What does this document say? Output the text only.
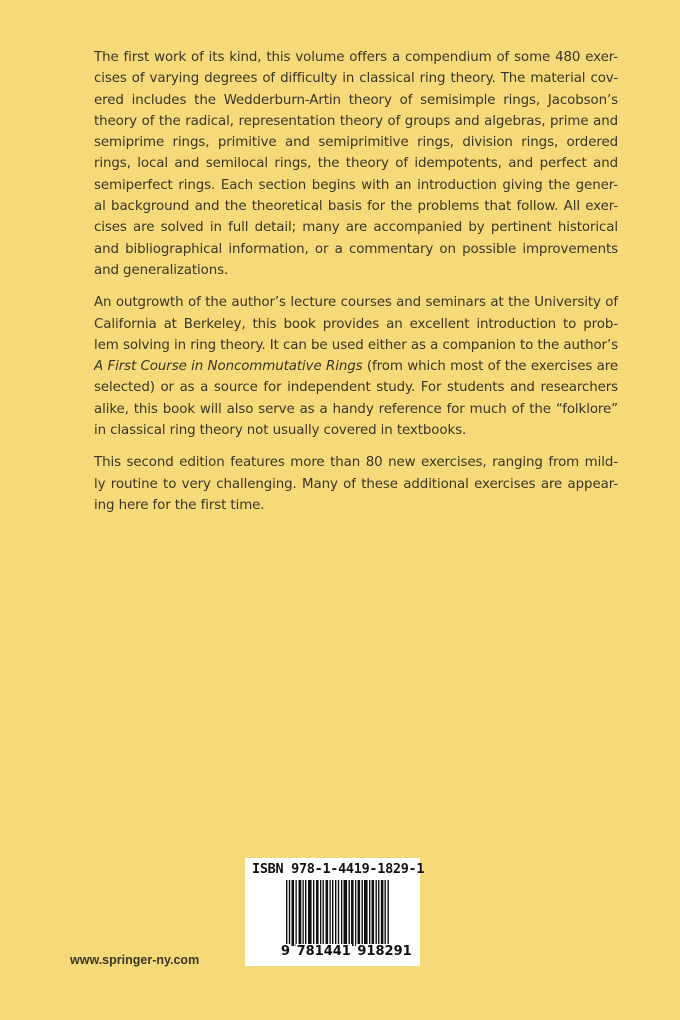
The first work of its kind, this volume offers a compendium of some 480 exer-
cises of varying degrees of difficulty in classical ring theory. The material cov-
ered includes the Wedderburn-Artin theory of semisimple rings, Jacobson’s
theory of the radical, representation theory of groups and algebras, prime and
semiprime rings, primitive and semiprimitive rings, division rings, ordered
rings, local and semilocal rings, the theory of idempotents, and perfect and
semiperfect rings. Each section begins with an introduction giving the gener-
al background and the theoretical basis for the problems that follow. All exer-
cises are solved in full detail; many are accompanied by pertinent historical
and bibliographical information, or a commentary on possible improvements
and generalizations.

An outgrowth of the author’s lecture courses and seminars at the University of
California at Berkeley, this book provides an excellent introduction to prob-
lem solving in ring theory. It can be used either as a companion to the author’s
A First Course in Noncommutative Rings (from which most of the exercises are
selected) or as a source for independent study. For students and researchers
alike, this book will also serve as a handy reference for much of the “folklore”
in classical ring theory not usually covered in textbooks.

This second edition features more than 80 new exercises, ranging from mild-
ly routine to very challenging. Many of these additional exercises are appear-
ing here for the first time.

ISBN 978-1-4419-1829-1
9 781441 918291
www.springer-ny.com
